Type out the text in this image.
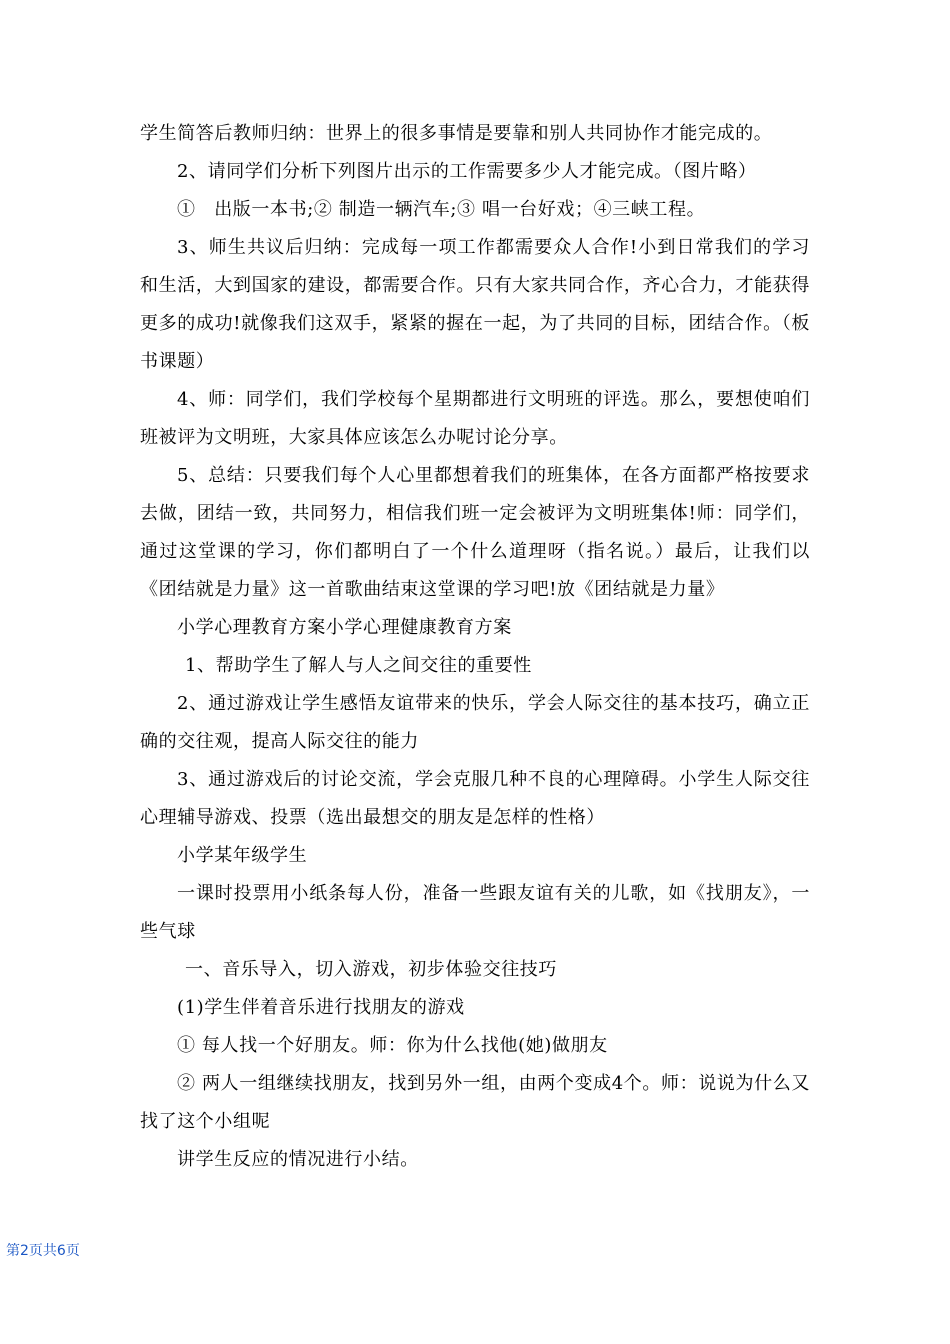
学生简答后教师归纳：世界上的很多事情是要靠和别人共同协作才能完成的。

2、请同学们分析下列图片出示的工作需要多少人才能完成。（图片略）

①　出版一本书;② 制造一辆汽车;③ 唱一台好戏；④三峡工程。

3、师生共议后归纳：完成每一项工作都需要众人合作!小到日常我们的学习和生活，大到国家的建设，都需要合作。只有大家共同合作，齐心合力，才能获得更多的成功!就像我们这双手，紧紧的握在一起，为了共同的目标，团结合作。（板书课题）

4、师：同学们，我们学校每个星期都进行文明班的评选。那么，要想使咱们班被评为文明班，大家具体应该怎么办呢讨论分享。

5、总结：只要我们每个人心里都想着我们的班集体，在各方面都严格按要求去做，团结一致，共同努力，相信我们班一定会被评为文明班集体!师：同学们，通过这堂课的学习，你们都明白了一个什么道理呀（指名说。）最后，让我们以《团结就是力量》这一首歌曲结束这堂课的学习吧!放《团结就是力量》

小学心理教育方案小学心理健康教育方案

1、帮助学生了解人与人之间交往的重要性

2、通过游戏让学生感悟友谊带来的快乐，学会人际交往的基本技巧，确立正确的交往观，提高人际交往的能力

3、通过游戏后的讨论交流，学会克服几种不良的心理障碍。小学生人际交往心理辅导游戏、投票（选出最想交的朋友是怎样的性格）

小学某年级学生

一课时投票用小纸条每人份，准备一些跟友谊有关的儿歌，如《找朋友》，一些气球

一、音乐导入，切入游戏，初步体验交往技巧

(1)学生伴着音乐进行找朋友的游戏

① 每人找一个好朋友。师：你为什么找他(她)做朋友

② 两人一组继续找朋友，找到另外一组，由两个变成4个。师：说说为什么又找了这个小组呢

讲学生反应的情况进行小结。

第2页共6页
